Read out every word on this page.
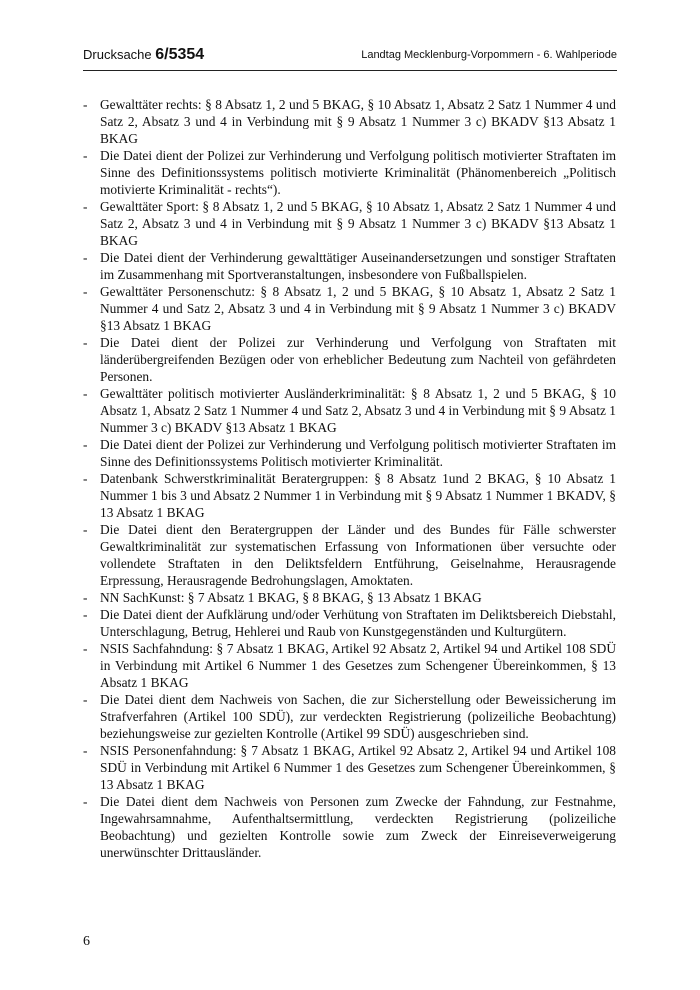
Drucksache 6/5354	Landtag Mecklenburg-Vorpommern - 6. Wahlperiode

- Gewalttäter rechts: § 8 Absatz 1, 2 und 5 BKAG, § 10 Absatz 1, Absatz 2 Satz 1 Nummer 4 und Satz 2, Absatz 3 und 4 in Verbindung mit § 9 Absatz 1 Nummer 3 c) BKADV §13 Absatz 1 BKAG

- Die Datei dient der Polizei zur Verhinderung und Verfolgung politisch motivierter Straftaten im Sinne des Definitionssystems politisch motivierte Kriminalität (Phänomenbereich „Politisch motivierte Kriminalität - rechts“).

- Gewalttäter Sport: § 8 Absatz 1, 2 und 5 BKAG, § 10 Absatz 1, Absatz 2 Satz 1 Nummer 4 und Satz 2, Absatz 3 und 4 in Verbindung mit § 9 Absatz 1 Nummer 3 c) BKADV §13 Absatz 1 BKAG

- Die Datei dient der Verhinderung gewalttätiger Auseinandersetzungen und sonstiger Straftaten im Zusammenhang mit Sportveranstaltungen, insbesondere von Fußballspielen.

- Gewalttäter Personenschutz: § 8 Absatz 1, 2 und 5 BKAG, § 10 Absatz 1, Absatz 2 Satz 1 Nummer 4 und Satz 2, Absatz 3 und 4 in Verbindung mit § 9 Absatz 1 Nummer 3 c) BKADV §13 Absatz 1 BKAG

- Die Datei dient der Polizei zur Verhinderung und Verfolgung von Straftaten mit länderübergreifenden Bezügen oder von erheblicher Bedeutung zum Nachteil von gefährdeten Personen.

- Gewalttäter politisch motivierter Ausländerkriminalität: § 8 Absatz 1, 2 und 5 BKAG, § 10 Absatz 1, Absatz 2 Satz 1 Nummer 4 und Satz 2, Absatz 3 und 4 in Verbindung mit § 9 Absatz 1 Nummer 3 c) BKADV §13 Absatz 1 BKAG

- Die Datei dient der Polizei zur Verhinderung und Verfolgung politisch motivierter Straftaten im Sinne des Definitionssystems Politisch motivierter Kriminalität.

- Datenbank Schwerstkriminalität Beratergruppen: § 8 Absatz 1und 2 BKAG, § 10 Absatz 1 Nummer 1 bis 3 und Absatz 2 Nummer 1 in Verbindung mit § 9 Absatz 1 Nummer 1 BKADV, § 13 Absatz 1 BKAG

- Die Datei dient den Beratergruppen der Länder und des Bundes für Fälle schwerster Gewaltkriminalität zur systematischen Erfassung von Informationen über versuchte oder vollendete Straftaten in den Deliktsfeldern Entführung, Geiselnahme, Herausragende Erpressung, Herausragende Bedrohungslagen, Amoktaten.

- NN SachKunst: § 7 Absatz 1 BKAG, § 8 BKAG, § 13 Absatz 1 BKAG

- Die Datei dient der Aufklärung und/oder Verhütung von Straftaten im Deliktsbereich Diebstahl, Unterschlagung, Betrug, Hehlerei und Raub von Kunstgegenständen und Kulturgütern.

- NSIS Sachfahndung: § 7 Absatz 1 BKAG, Artikel 92 Absatz 2, Artikel 94 und Artikel 108 SDÜ in Verbindung mit Artikel 6 Nummer 1 des Gesetzes zum Schengener Übereinkommen, § 13 Absatz 1 BKAG

- Die Datei dient dem Nachweis von Sachen, die zur Sicherstellung oder Beweissicherung im Strafverfahren (Artikel 100 SDÜ), zur verdeckten Registrierung (polizeiliche Beobachtung) beziehungsweise zur gezielten Kontrolle (Artikel 99 SDÜ) ausgeschrieben sind.

- NSIS Personenfahndung: § 7 Absatz 1 BKAG, Artikel 92 Absatz 2, Artikel 94 und Artikel 108 SDÜ in Verbindung mit Artikel 6 Nummer 1 des Gesetzes zum Schengener Übereinkommen, § 13 Absatz 1 BKAG

- Die Datei dient dem Nachweis von Personen zum Zwecke der Fahndung, zur Festnahme, Ingewahrsamnahme, Aufenthaltsermittlung, verdeckten Registrierung (polizeiliche Beobachtung) und gezielten Kontrolle sowie zum Zweck der Einreiseverweigerung unerwünschter Drittausländer.

6
